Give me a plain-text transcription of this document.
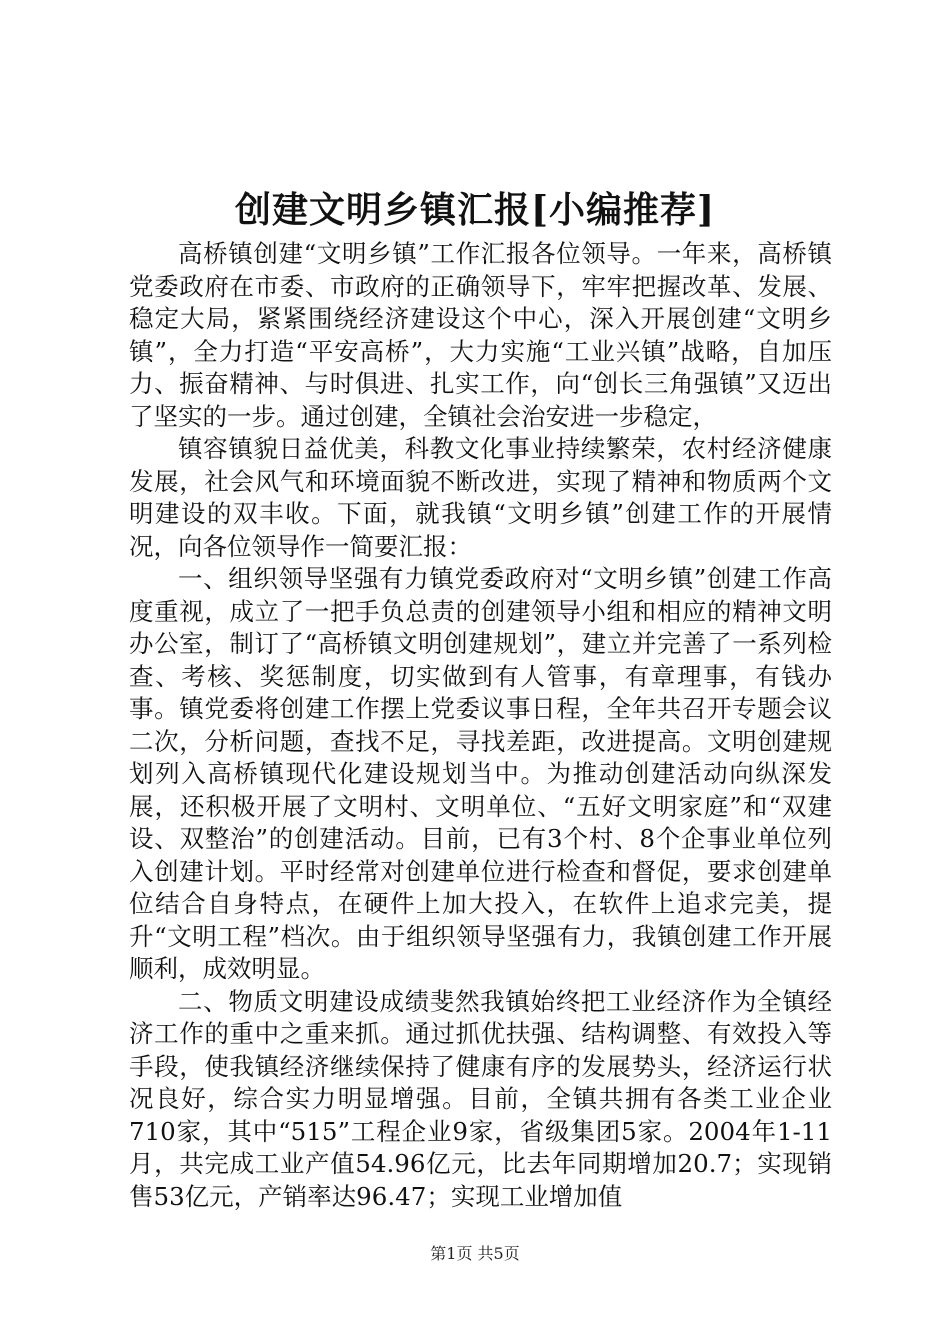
创建文明乡镇汇报[小编推荐]

高桥镇创建“文明乡镇”工作汇报各位领导。一年来，高桥镇党委政府在市委、市政府的正确领导下，牢牢把握改革、发展、稳定大局，紧紧围绕经济建设这个中心，深入开展创建“文明乡镇”，全力打造“平安高桥”，大力实施“工业兴镇”战略，自加压力、振奋精神、与时俱进、扎实工作，向“创长三角强镇”又迈出了坚实的一步。通过创建，全镇社会治安进一步稳定，

镇容镇貌日益优美，科教文化事业持续繁荣，农村经济健康发展，社会风气和环境面貌不断改进，实现了精神和物质两个文明建设的双丰收。下面，就我镇“文明乡镇”创建工作的开展情况，向各位领导作一简要汇报：

一、组织领导坚强有力镇党委政府对“文明乡镇”创建工作高度重视，成立了一把手负总责的创建领导小组和相应的精神文明办公室，制订了“高桥镇文明创建规划”，建立并完善了一系列检查、考核、奖惩制度，切实做到有人管事，有章理事，有钱办事。镇党委将创建工作摆上党委议事日程，全年共召开专题会议二次，分析问题，查找不足，寻找差距，改进提高。文明创建规划列入高桥镇现代化建设规划当中。为推动创建活动向纵深发展，还积极开展了文明村、文明单位、“五好文明家庭”和“双建设、双整治”的创建活动。目前，已有3个村、8个企事业单位列入创建计划。平时经常对创建单位进行检查和督促，要求创建单位结合自身特点，在硬件上加大投入，在软件上追求完美，提升“文明工程”档次。由于组织领导坚强有力，我镇创建工作开展顺利，成效明显。

二、物质文明建设成绩斐然我镇始终把工业经济作为全镇经济工作的重中之重来抓。通过抓优扶强、结构调整、有效投入等手段，使我镇经济继续保持了健康有序的发展势头，经济运行状况良好，综合实力明显增强。目前，全镇共拥有各类工业企业710家，其中“515”工程企业9家，省级集团5家。2004年1-11月，共完成工业产值54.96亿元，比去年同期增加20.7；实现销售53亿元，产销率达96.47；实现工业增加值

第1页 共5页
